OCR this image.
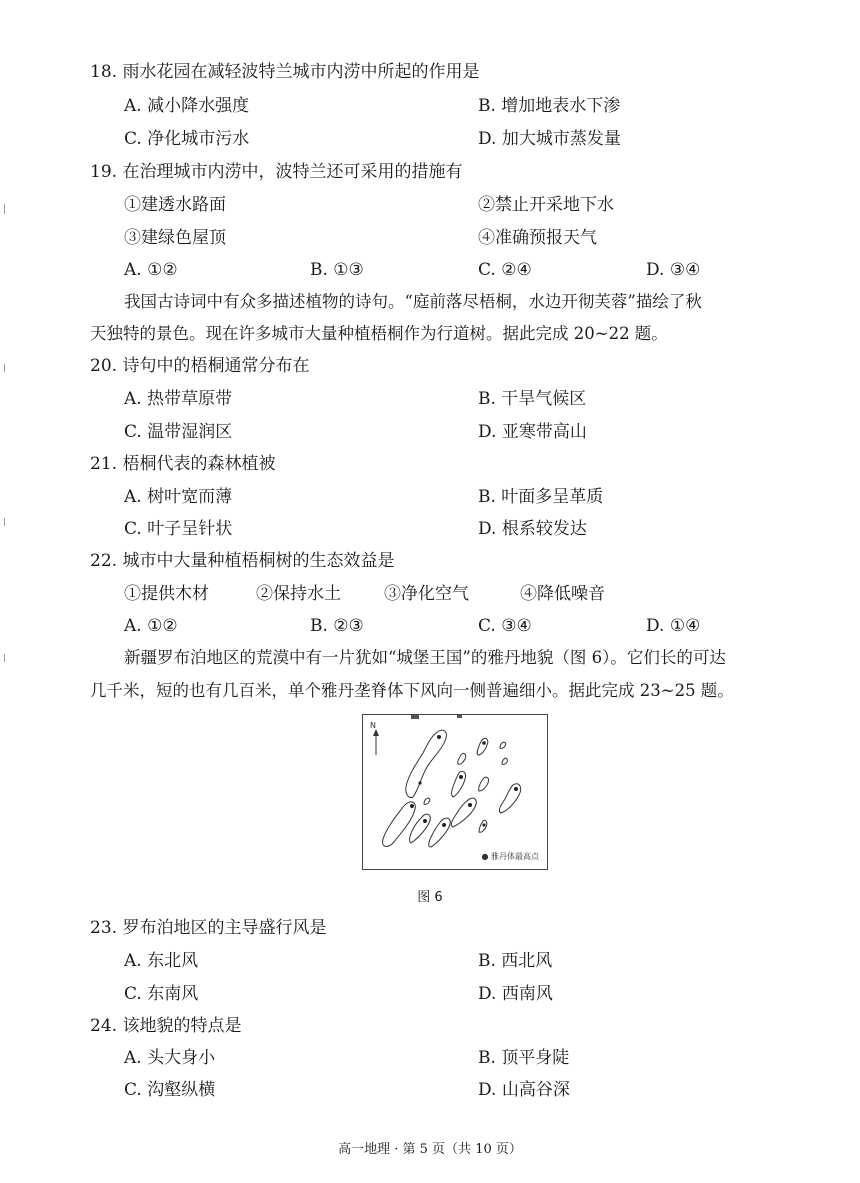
18. 雨水花园在减轻波特兰城市内涝中所起的作用是
A. 减小降水强度	B. 增加地表水下渗
C. 净化城市污水	D. 加大城市蒸发量
19. 在治理城市内涝中，波特兰还可采用的措施有
①建透水路面	②禁止开采地下水
③建绿色屋顶	④准确预报天气
A. ①②	B. ①③	C. ②④	D. ③④
我国古诗词中有众多描述植物的诗句。“庭前落尽梧桐，水边开彻芙蓉”描绘了秋
天独特的景色。现在许多城市大量种植梧桐作为行道树。据此完成 20~22 题。
20. 诗句中的梧桐通常分布在
A. 热带草原带	B. 干旱气候区
C. 温带湿润区	D. 亚寒带高山
21. 梧桐代表的森林植被
A. 树叶宽而薄	B. 叶面多呈革质
C. 叶子呈针状	D. 根系较发达
22. 城市中大量种植梧桐树的生态效益是
①提供木材	②保持水土	③净化空气	④降低噪音
A. ①②	B. ②③	C. ③④	D. ①④
新疆罗布泊地区的荒漠中有一片犹如“城堡王国”的雅丹地貌（图 6）。它们长的可达
几千米，短的也有几百米，单个雅丹垄脊体下风向一侧普遍细小。据此完成 23~25 题。
N
● 雅丹体最高点
图 6
23. 罗布泊地区的主导盛行风是
A. 东北风	B. 西北风
C. 东南风	D. 西南风
24. 该地貌的特点是
A. 头大身小	B. 顶平身陡
C. 沟壑纵横	D. 山高谷深
高一地理 · 第 5 页（共 10 页）
